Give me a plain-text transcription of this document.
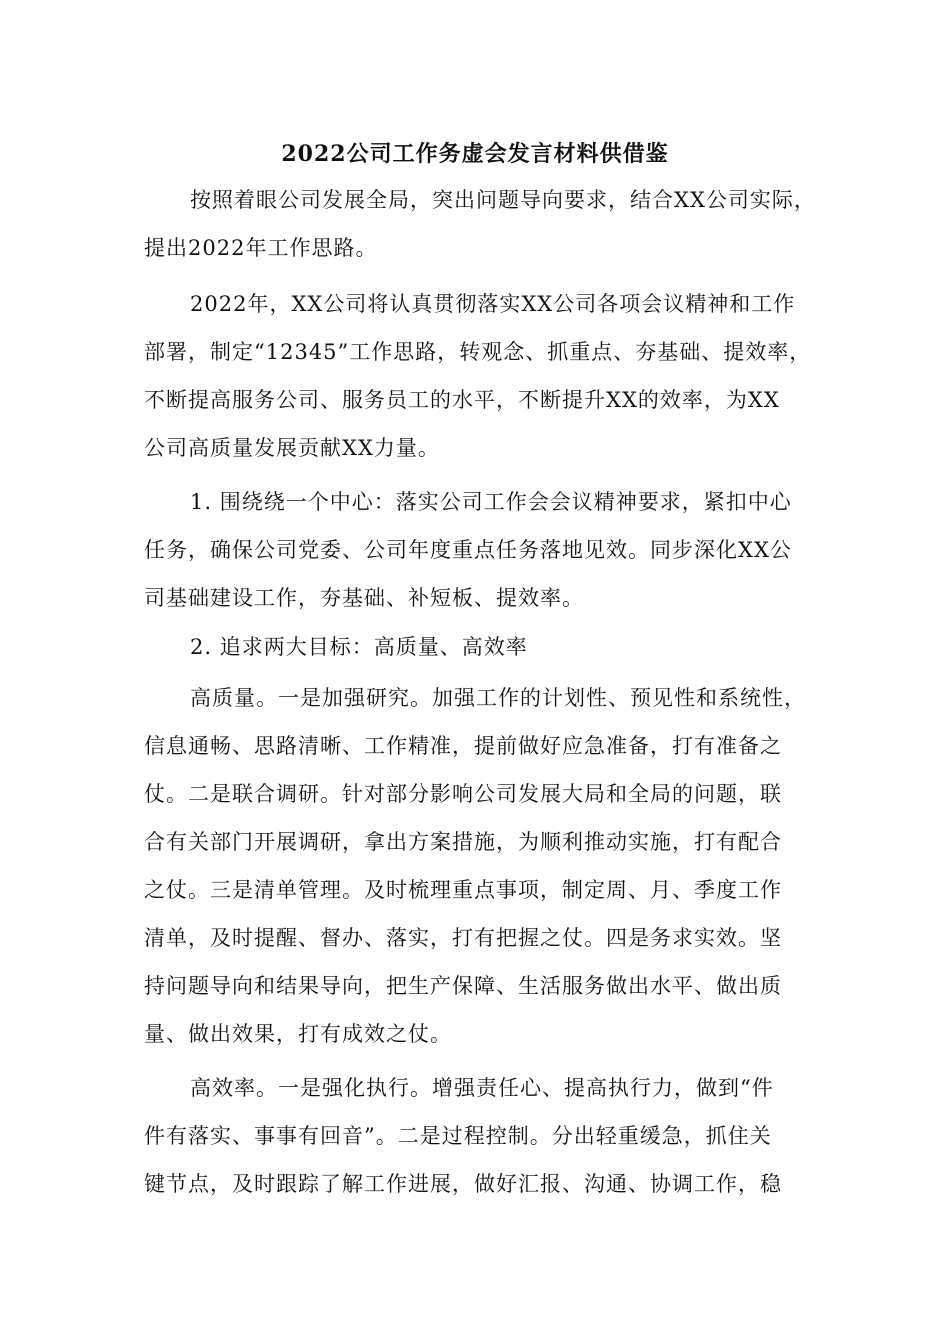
2022公司工作务虚会发言材料供借鉴
按照着眼公司发展全局，突出问题导向要求，结合XX公司实际，
提出2022年工作思路。
2022年，XX公司将认真贯彻落实XX公司各项会议精神和工作
部署，制定“12345”工作思路，转观念、抓重点、夯基础、提效率，
不断提高服务公司、服务员工的水平，不断提升XX的效率，为XX
公司高质量发展贡献XX力量。
1. 围绕绕一个中心：落实公司工作会会议精神要求，紧扣中心
任务，确保公司党委、公司年度重点任务落地见效。同步深化XX公
司基础建设工作，夯基础、补短板、提效率。
2. 追求两大目标：高质量、高效率
高质量。一是加强研究。加强工作的计划性、预见性和系统性，
信息通畅、思路清晰、工作精准，提前做好应急准备，打有准备之
仗。二是联合调研。针对部分影响公司发展大局和全局的问题，联
合有关部门开展调研，拿出方案措施，为顺利推动实施，打有配合
之仗。三是清单管理。及时梳理重点事项，制定周、月、季度工作
清单，及时提醒、督办、落实，打有把握之仗。四是务求实效。坚
持问题导向和结果导向，把生产保障、生活服务做出水平、做出质
量、做出效果，打有成效之仗。
高效率。一是强化执行。增强责任心、提高执行力，做到“件
件有落实、事事有回音”。二是过程控制。分出轻重缓急，抓住关
键节点，及时跟踪了解工作进展，做好汇报、沟通、协调工作，稳
